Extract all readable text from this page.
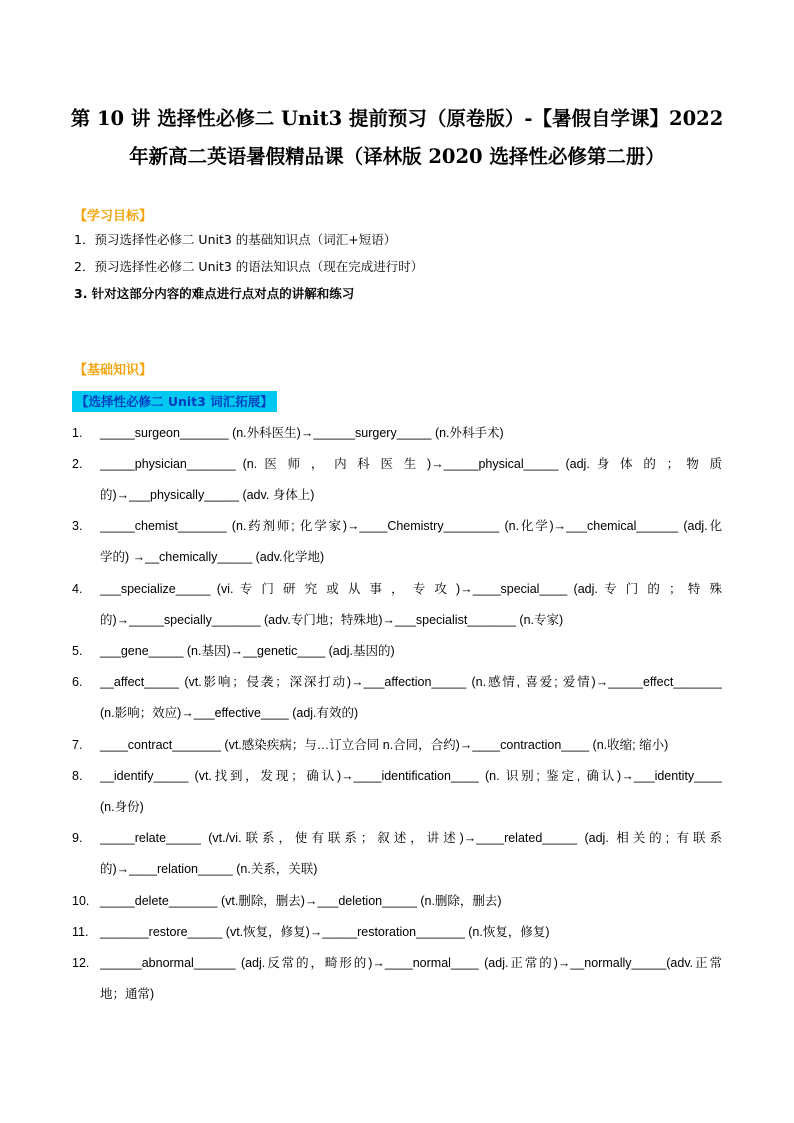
第 10 讲 选择性必修二 Unit3 提前预习（原卷版）-【暑假自学课】2022
年新高二英语暑假精品课（译林版 2020 选择性必修第二册）
【学习目标】
1．预习选择性必修二 Unit3 的基础知识点（词汇+短语）
2．预习选择性必修二 Unit3 的语法知识点（现在完成进行时）
3. 针对这部分内容的难点进行点对点的讲解和练习
【基础知识】
【选择性必修二 Unit3 词汇拓展】
1. _____surgeon_______ (n.外科医生)→______surgery_____ (n.外科手术)
2. _____physician_______ (n. 医 师 ， 内 科 医 生 )→_____physical_____ (adj. 身 体 的 ； 物 质
的)→___physically_____ (adv. 身体上)
3. _____chemist_______ (n.药剂师; 化学家)→____Chemistry________ (n.化学)→___chemical______ (adj.化
学的) →__chemically_____ (adv.化学地)
4. ___specialize_____ (vi. 专 门 研 究 或 从 事 ， 专 攻 )→____special____ (adj. 专 门 的 ； 特 殊
的)→_____specially_______ (adv.专门地；特殊地)→___specialist_______ (n.专家)
5. ___gene_____ (n.基因)→__genetic____ (adj.基因的)
6. __affect_____ (vt.影响；侵袭；深深打动)→___affection_____ (n.感情, 喜爱; 爱情)→_____effect_______
(n.影响；效应)→___effective____ (adj.有效的)
7. ____contract_______ (vt.感染疾病；与…订立合同 n.合同，合约)→____contraction____ (n.收缩; 缩小)
8. __identify_____ (vt.找到，发现；确认)→____identification____ (n. 识别; 鉴定, 确认)→___identity____
(n.身份)
9. _____relate_____ (vt./vi.联系，使有联系；叙述，讲述)→____related_____ (adj. 相关的; 有联系
的)→____relation_____ (n.关系，关联)
10. _____delete_______ (vt.删除，删去)→___deletion_____ (n.删除，删去)
11. _______restore_____ (vt.恢复，修复)→_____restoration_______ (n.恢复，修复)
12. ______abnormal______ (adj.反常的，畸形的)→____normal____ (adj.正常的)→__normally_____(adv.正常
地；通常)
